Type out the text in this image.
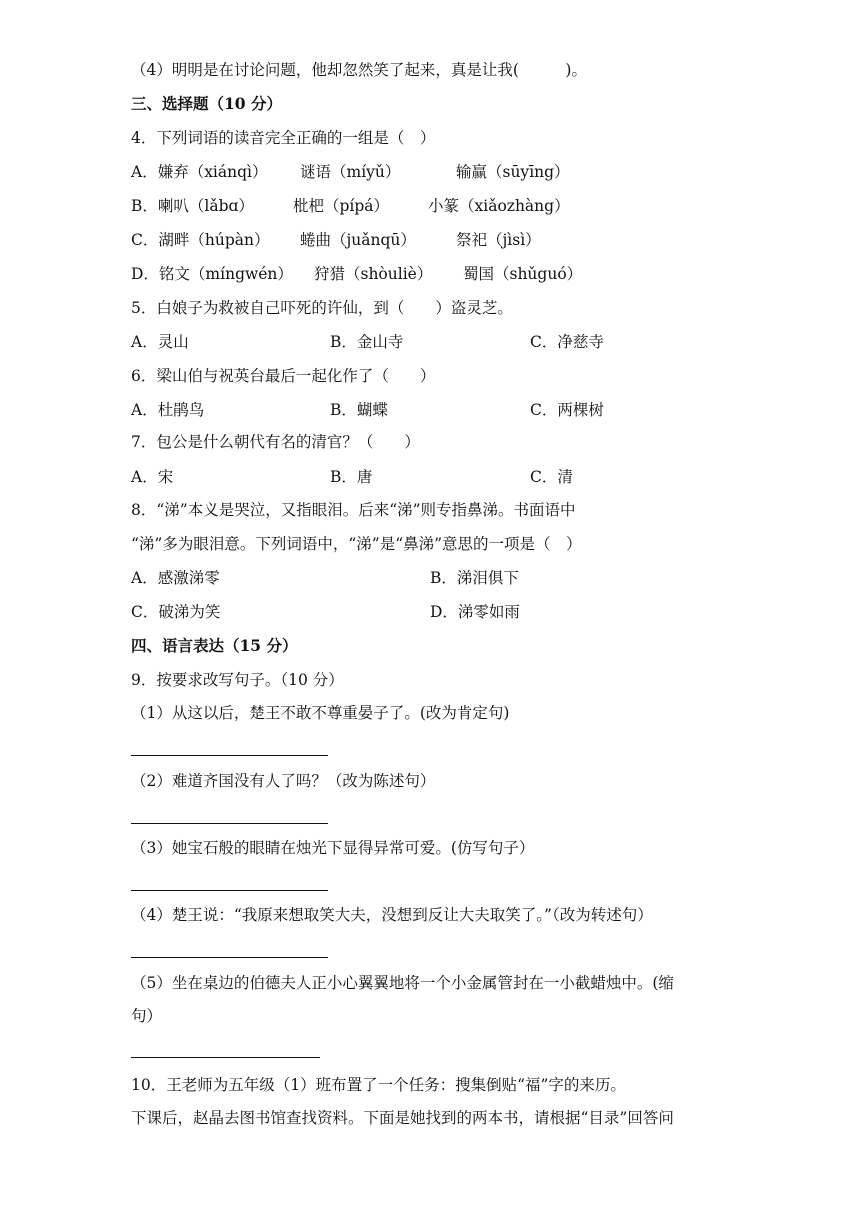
（4）明明是在讨论问题，他却忽然笑了起来，真是让我(　　　)。
三、选择题（10 分）
4．下列词语的读音完全正确的一组是（　）
A．嫌弃（xiánqì） 谜语（míyǔ）	输赢（sūyīng）
B．喇叭（lǎbɑ）	枇杷（pípá）	小篆（xiǎozhàng）
C．湖畔（húpàn） 蜷曲（juǎnqū）	祭祀（jìsì）
D．铭文（míngwén） 狩猎（shòuliè） 蜀国（shǔguó）
5．白娘子为救被自己吓死的许仙，到（　　）盗灵芝。
A．灵山	B．金山寺	C．净慈寺
6．梁山伯与祝英台最后一起化作了（　　）
A．杜鹃鸟	B．蝴蝶	C．两棵树
7．包公是什么朝代有名的清官？（　　）
A．宋	B．唐	C．清
8．“涕”本义是哭泣，又指眼泪。后来“涕”则专指鼻涕。书面语中
“涕”多为眼泪意。下列词语中，“涕”是“鼻涕”意思的一项是（　）
A．感激涕零	B．涕泪俱下
C．破涕为笑	D．涕零如雨
四、语言表达（15 分）
9．按要求改写句子。（10 分）
（1）从这以后，楚王不敢不尊重晏子了。(改为肯定句)
（2）难道齐国没有人了吗？（改为陈述句）
（3）她宝石般的眼睛在烛光下显得异常可爱。(仿写句子）
（4）楚王说：“我原来想取笑大夫，没想到反让大夫取笑了。”（改为转述句）
（5）坐在桌边的伯德夫人正小心翼翼地将一个小金属管封在一小截蜡烛中。(缩
句）
10．王老师为五年级（1）班布置了一个任务：搜集倒贴“福”字的来历。
下课后，赵晶去图书馆查找资料。下面是她找到的两本书，请根据“目录”回答问
